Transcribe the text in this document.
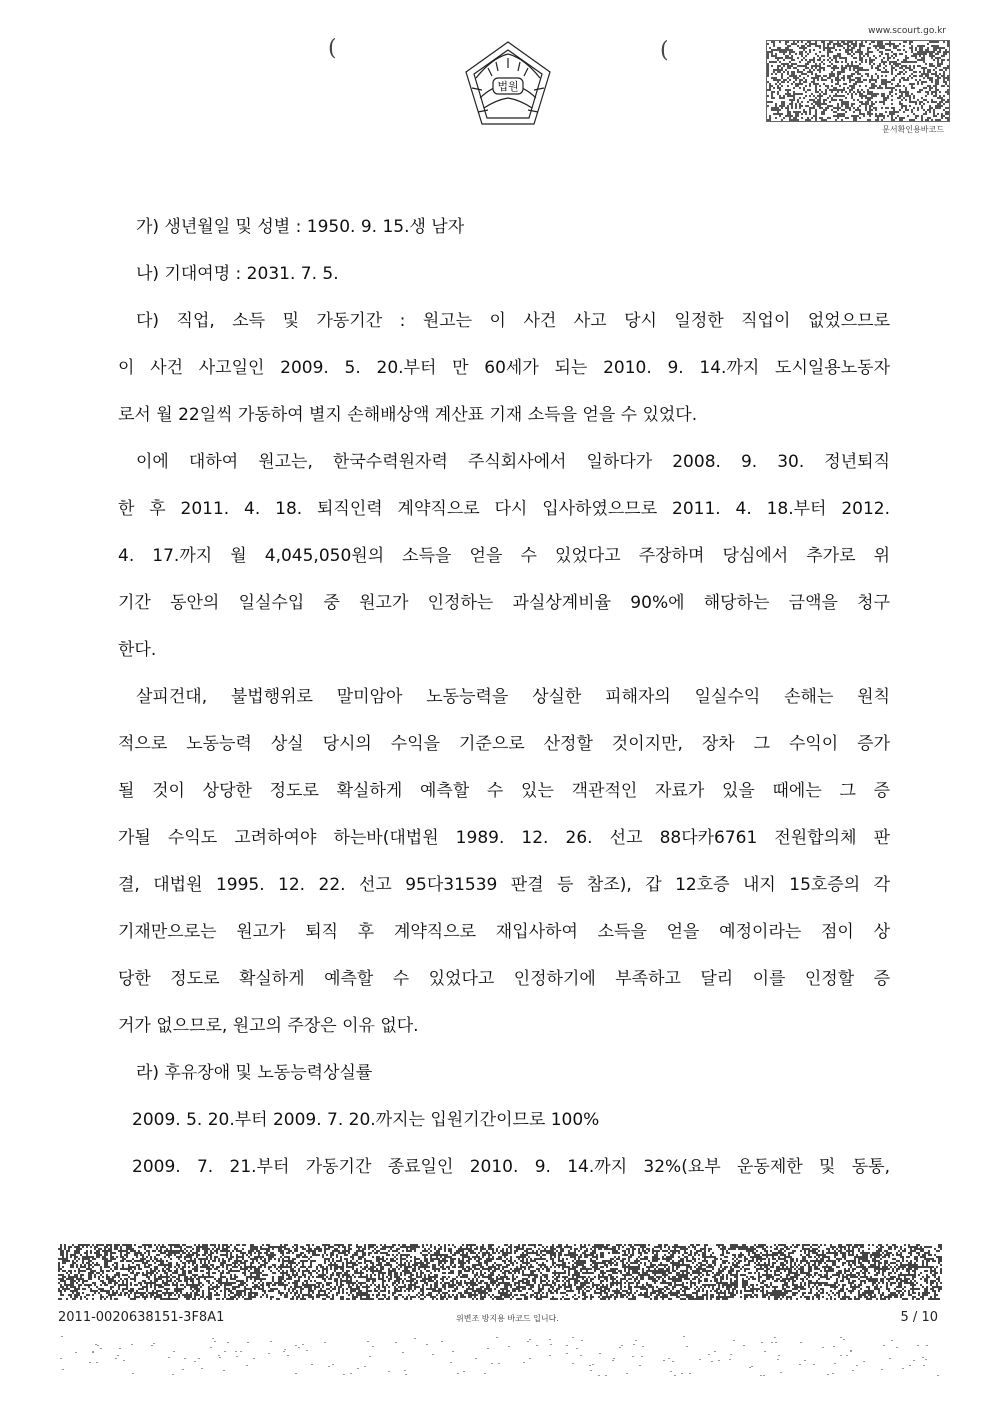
(
법원
(
www.scourt.go.kr
문서확인용바코드
가) 생년월일 및 성별 : 1950. 9. 15.생 남자
나) 기대여명 : 2031. 7. 5.
다) 직업, 소득 및 가동기간 : 원고는 이 사건 사고 당시 일정한 직업이 없었으므로
이 사건 사고일인 2009. 5. 20.부터 만 60세가 되는 2010. 9. 14.까지 도시일용노동자
로서 월 22일씩 가동하여 별지 손해배상액 계산표 기재 소득을 얻을 수 있었다.
이에 대하여 원고는, 한국수력원자력 주식회사에서 일하다가 2008. 9. 30. 정년퇴직
한 후 2011. 4. 18. 퇴직인력 계약직으로 다시 입사하였으므로 2011. 4. 18.부터 2012.
4. 17.까지 월 4,045,050원의 소득을 얻을 수 있었다고 주장하며 당심에서 추가로 위
기간 동안의 일실수입 중 원고가 인정하는 과실상계비율 90%에 해당하는 금액을 청구
한다.
살피건대, 불법행위로 말미암아 노동능력을 상실한 피해자의 일실수익 손해는 원칙
적으로 노동능력 상실 당시의 수익을 기준으로 산정할 것이지만, 장차 그 수익이 증가
될 것이 상당한 정도로 확실하게 예측할 수 있는 객관적인 자료가 있을 때에는 그 증
가될 수익도 고려하여야 하는바(대법원 1989. 12. 26. 선고 88다카6761 전원합의체 판
결, 대법원 1995. 12. 22. 선고 95다31539 판결 등 참조), 갑 12호증 내지 15호증의 각
기재만으로는 원고가 퇴직 후 계약직으로 재입사하여 소득을 얻을 예정이라는 점이 상
당한 정도로 확실하게 예측할 수 있었다고 인정하기에 부족하고 달리 이를 인정할 증
거가 없으므로, 원고의 주장은 이유 없다.
라) 후유장애 및 노동능력상실률
2009. 5. 20.부터 2009. 7. 20.까지는 입원기간이므로 100%
2009. 7. 21.부터 가동기간 종료일인 2010. 9. 14.까지 32%(요부 운동제한 및 동통,
2011-0020638151-3F8A1	위변조 방지용 바코드 입니다.	5 / 10
